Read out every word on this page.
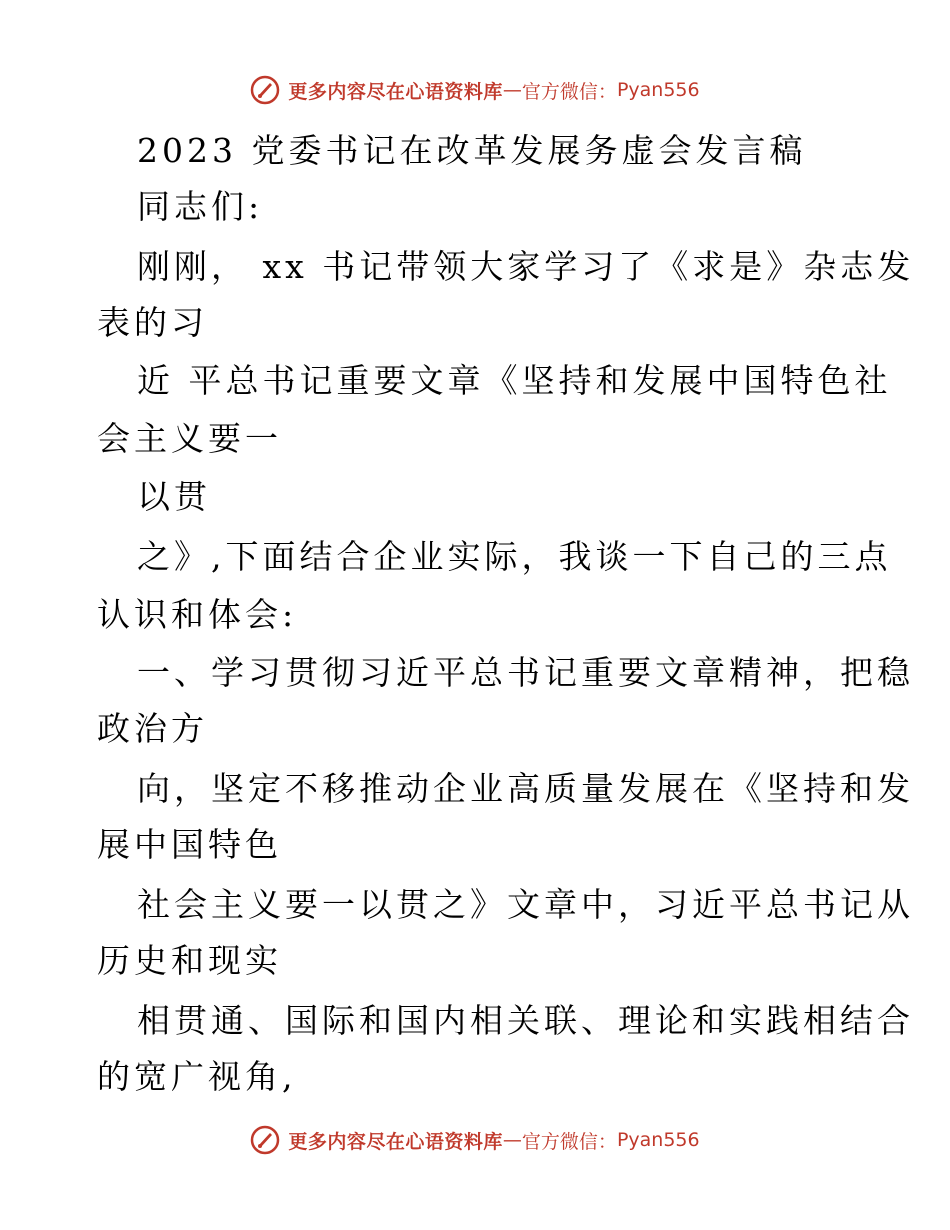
更多内容尽在心语资料库 — 官方微信： Pyan556
2023 党委书记在改革发展务虚会发言稿
同志们:
刚刚， xx 书记带领大家学习了《求是》杂志发
表的习
近 平总书记重要文章《坚持和发展中国特色社
会主义要一
以贯
之》,下面结合企业实际，我谈一下自己的三点
认识和体会:
一、学习贯彻习近平总书记重要文章精神，把稳
政治方
向，坚定不移推动企业高质量发展在《坚持和发
展中国特色
社会主义要一以贯之》文章中，习近平总书记从
历史和现实
相贯通、国际和国内相关联、理论和实践相结合
的宽广视角,
更多内容尽在心语资料库 — 官方微信： Pyan556
